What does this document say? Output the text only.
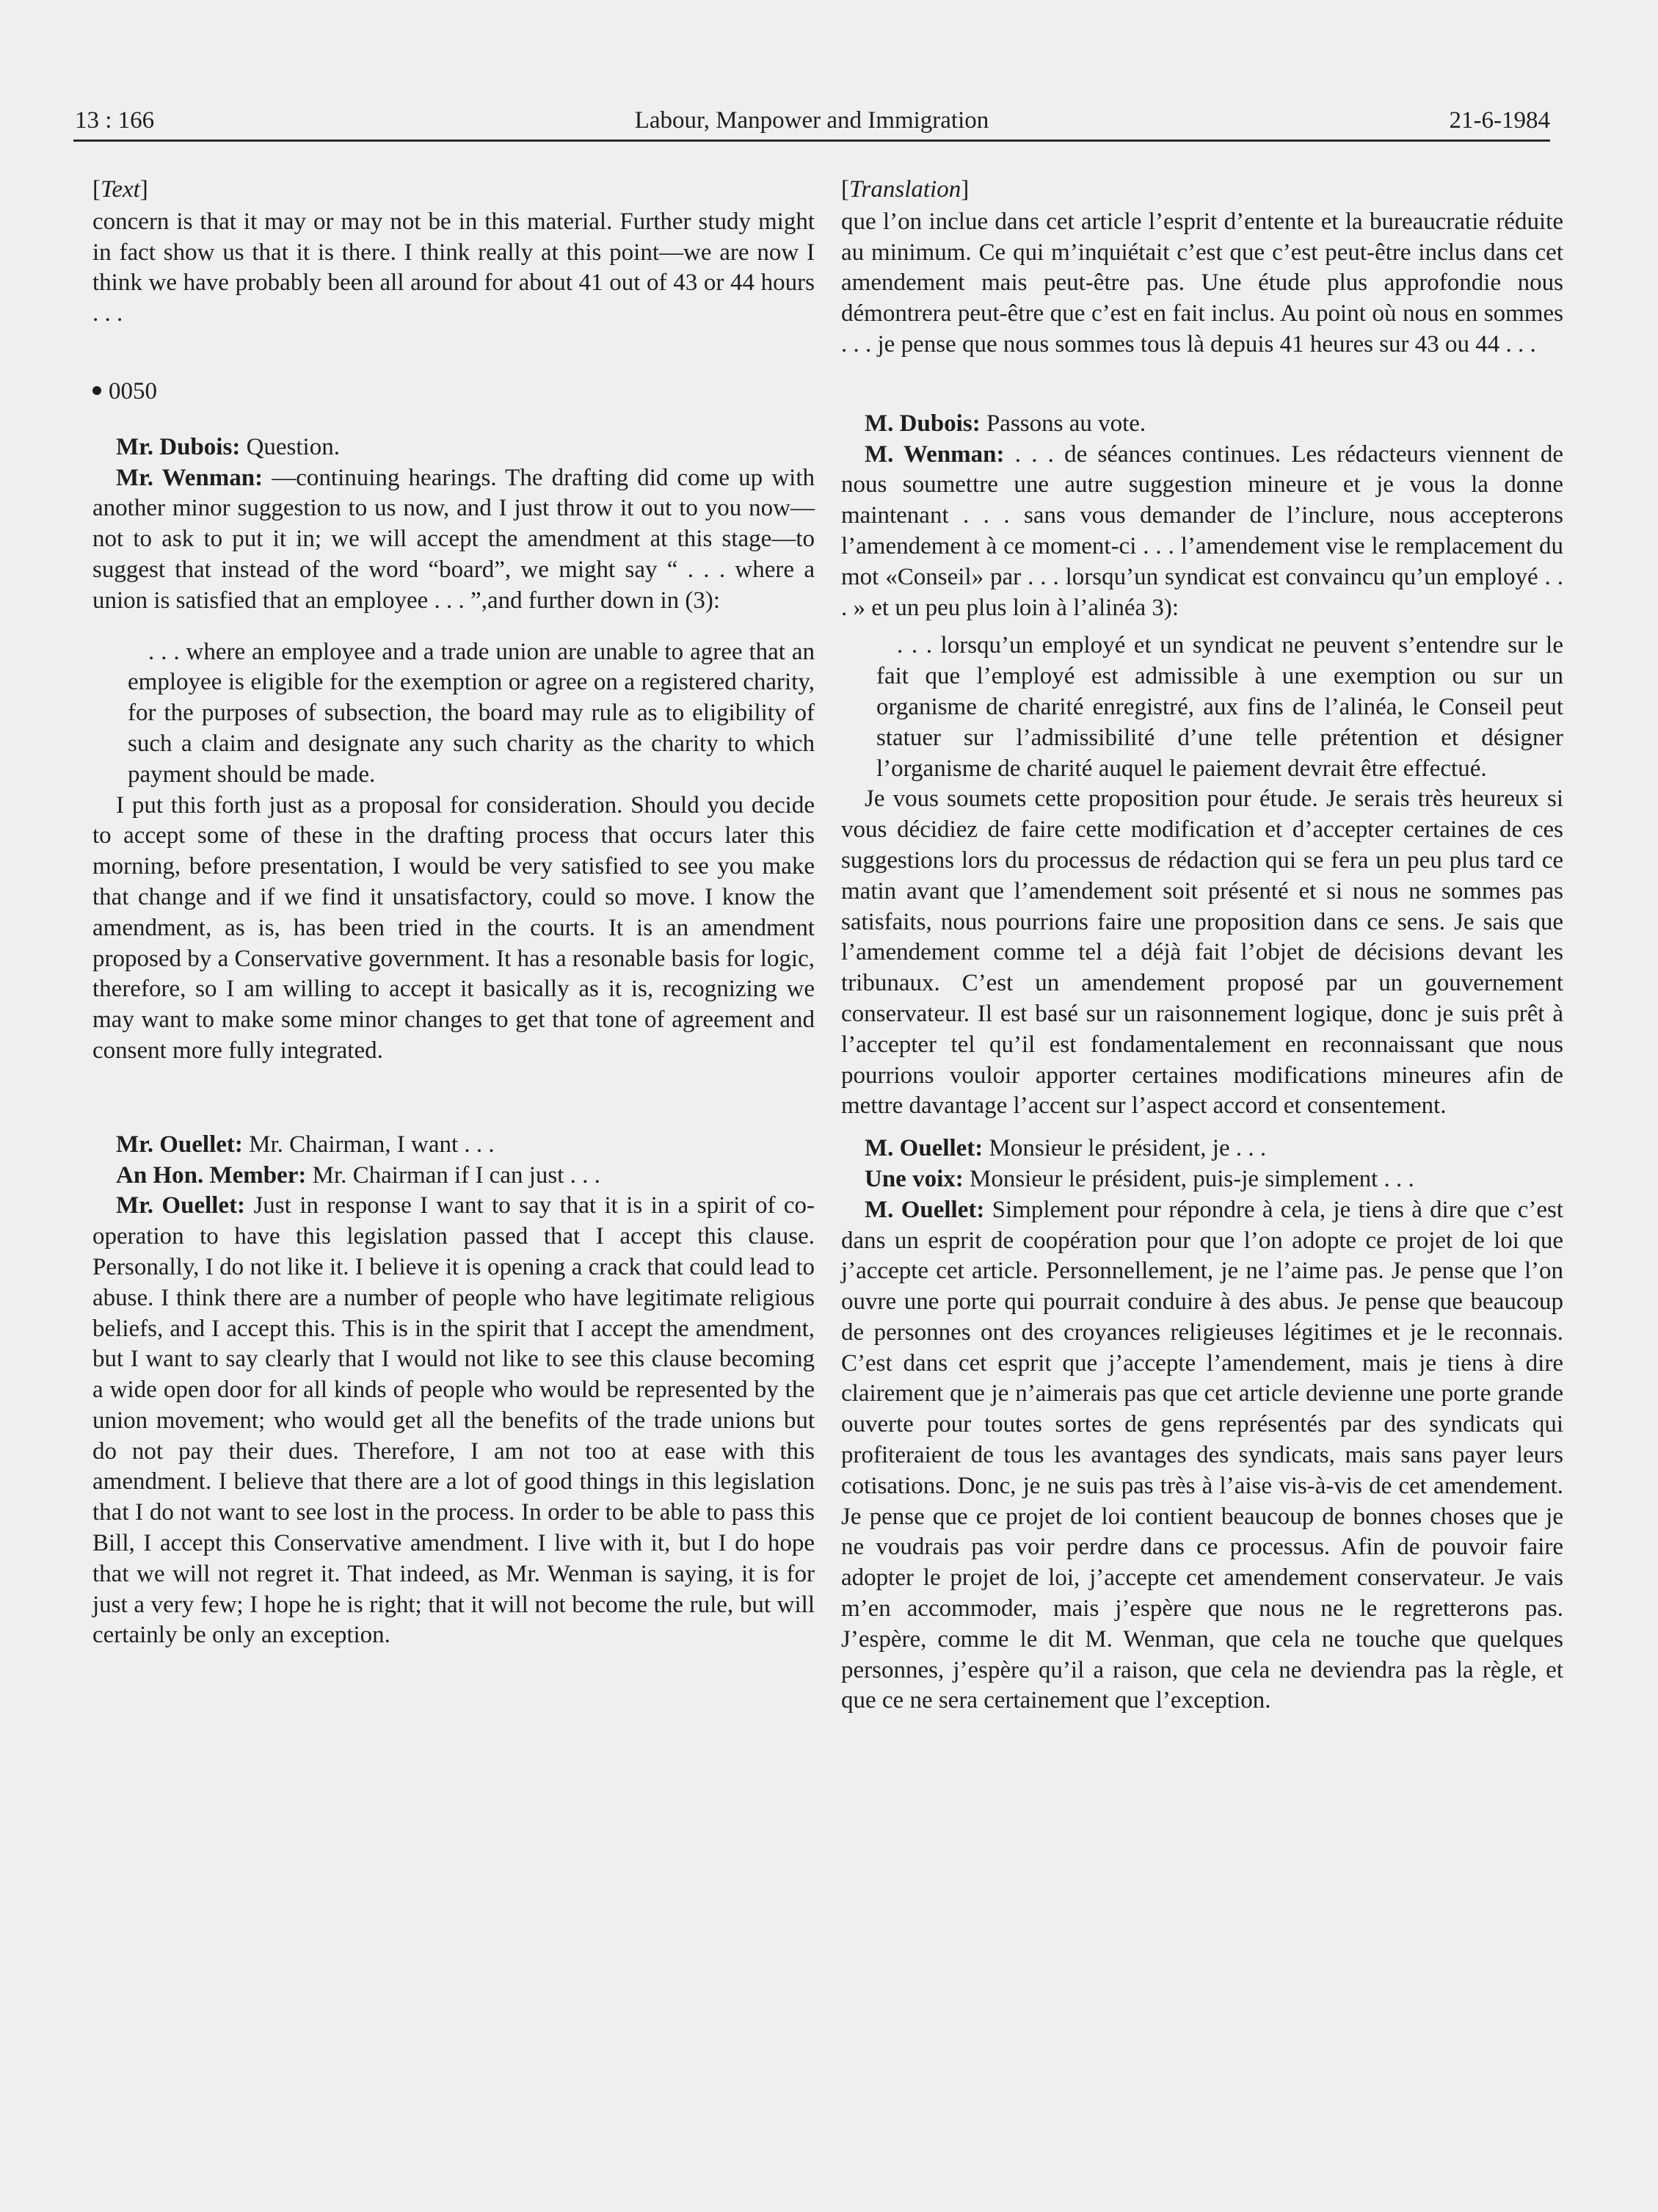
13 : 166	Labour, Manpower and Immigration	21-6-1984
[Text]

concern is that it may or may not be in this material. Further study might in fact show us that it is there. I think really at this point—we are now I think we have probably been all around for about 41 out of 43 or 44 hours . . .

0050

Mr. Dubois: Question.

Mr. Wenman: —continuing hearings. The drafting did come up with another minor suggestion to us now, and I just throw it out to you now—not to ask to put it in; we will accept the amendment at this stage—to suggest that instead of the word “board”, we might say “ . . . where a union is satisfied that an employee . . . ”,and further down in (3):

. . . where an employee and a trade union are unable to agree that an employee is eligible for the exemption or agree on a registered charity, for the purposes of subsection, the board may rule as to eligibility of such a claim and designate any such charity as the charity to which payment should be made.

I put this forth just as a proposal for consideration. Should you decide to accept some of these in the drafting process that occurs later this morning, before presentation, I would be very satisfied to see you make that change and if we find it unsatisfactory, could so move. I know the amendment, as is, has been tried in the courts. It is an amendment proposed by a Conservative government. It has a resonable basis for logic, therefore, so I am willing to accept it basically as it is, recognizing we may want to make some minor changes to get that tone of agreement and consent more fully integrated.

Mr. Ouellet: Mr. Chairman, I want . . .

An Hon. Member: Mr. Chairman if I can just . . .

Mr. Ouellet: Just in response I want to say that it is in a spirit of co-operation to have this legislation passed that I accept this clause. Personally, I do not like it. I believe it is opening a crack that could lead to abuse. I think there are a number of people who have legitimate religious beliefs, and I accept this. This is in the spirit that I accept the amendment, but I want to say clearly that I would not like to see this clause becoming a wide open door for all kinds of people who would be represented by the union movement; who would get all the benefits of the trade unions but do not pay their dues. Therefore, I am not too at ease with this amendment. I believe that there are a lot of good things in this legislation that I do not want to see lost in the process. In order to be able to pass this Bill, I accept this Conservative amendment. I live with it, but I do hope that we will not regret it. That indeed, as Mr. Wenman is saying, it is for just a very few; I hope he is right; that it will not become the rule, but will certainly be only an exception.

[Translation]

que l’on inclue dans cet article l’esprit d’entente et la bureaucratie réduite au minimum. Ce qui m’inquiétait c’est que c’est peut-être inclus dans cet amendement mais peut-être pas. Une étude plus approfondie nous démontrera peut-être que c’est en fait inclus. Au point où nous en sommes . . . je pense que nous sommes tous là depuis 41 heures sur 43 ou 44 . . .

M. Dubois: Passons au vote.

M. Wenman: . . . de séances continues. Les rédacteurs viennent de nous soumettre une autre suggestion mineure et je vous la donne maintenant . . . sans vous demander de l’inclure, nous accepterons l’amendement à ce moment-ci . . . l’amendement vise le remplacement du mot «Conseil» par . . . lorsqu’un syndicat est convaincu qu’un employé . . . » et un peu plus loin à l’alinéa 3):

. . . lorsqu’un employé et un syndicat ne peuvent s’entendre sur le fait que l’employé est admissible à une exemption ou sur un organisme de charité enregistré, aux fins de l’alinéa, le Conseil peut statuer sur l’admissibilité d’une telle prétention et désigner l’organisme de charité auquel le paiement devrait être effectué.

Je vous soumets cette proposition pour étude. Je serais très heureux si vous décidiez de faire cette modification et d’accepter certaines de ces suggestions lors du processus de rédaction qui se fera un peu plus tard ce matin avant que l’amendement soit présenté et si nous ne sommes pas satisfaits, nous pourrions faire une proposition dans ce sens. Je sais que l’amendement comme tel a déjà fait l’objet de décisions devant les tribunaux. C’est un amendement proposé par un gouvernement conservateur. Il est basé sur un raisonnement logique, donc je suis prêt à l’accepter tel qu’il est fondamentalement en reconnaissant que nous pourrions vouloir apporter certaines modifications mineures afin de mettre davantage l’accent sur l’aspect accord et consentement.

M. Ouellet: Monsieur le président, je . . .

Une voix: Monsieur le président, puis-je simplement . . .

M. Ouellet: Simplement pour répondre à cela, je tiens à dire que c’est dans un esprit de coopération pour que l’on adopte ce projet de loi que j’accepte cet article. Personnellement, je ne l’aime pas. Je pense que l’on ouvre une porte qui pourrait conduire à des abus. Je pense que beaucoup de personnes ont des croyances religieuses légitimes et je le reconnais. C’est dans cet esprit que j’accepte l’amendement, mais je tiens à dire clairement que je n’aimerais pas que cet article devienne une porte grande ouverte pour toutes sortes de gens représentés par des syndicats qui profiteraient de tous les avantages des syndicats, mais sans payer leurs cotisations. Donc, je ne suis pas très à l’aise vis-à-vis de cet amendement. Je pense que ce projet de loi contient beaucoup de bonnes choses que je ne voudrais pas voir perdre dans ce processus. Afin de pouvoir faire adopter le projet de loi, j’accepte cet amendement conservateur. Je vais m’en accommoder, mais j’espère que nous ne le regretterons pas. J’espère, comme le dit M. Wenman, que cela ne touche que quelques personnes, j’espère qu’il a raison, que cela ne deviendra pas la règle, et que ce ne sera certainement que l’exception.
